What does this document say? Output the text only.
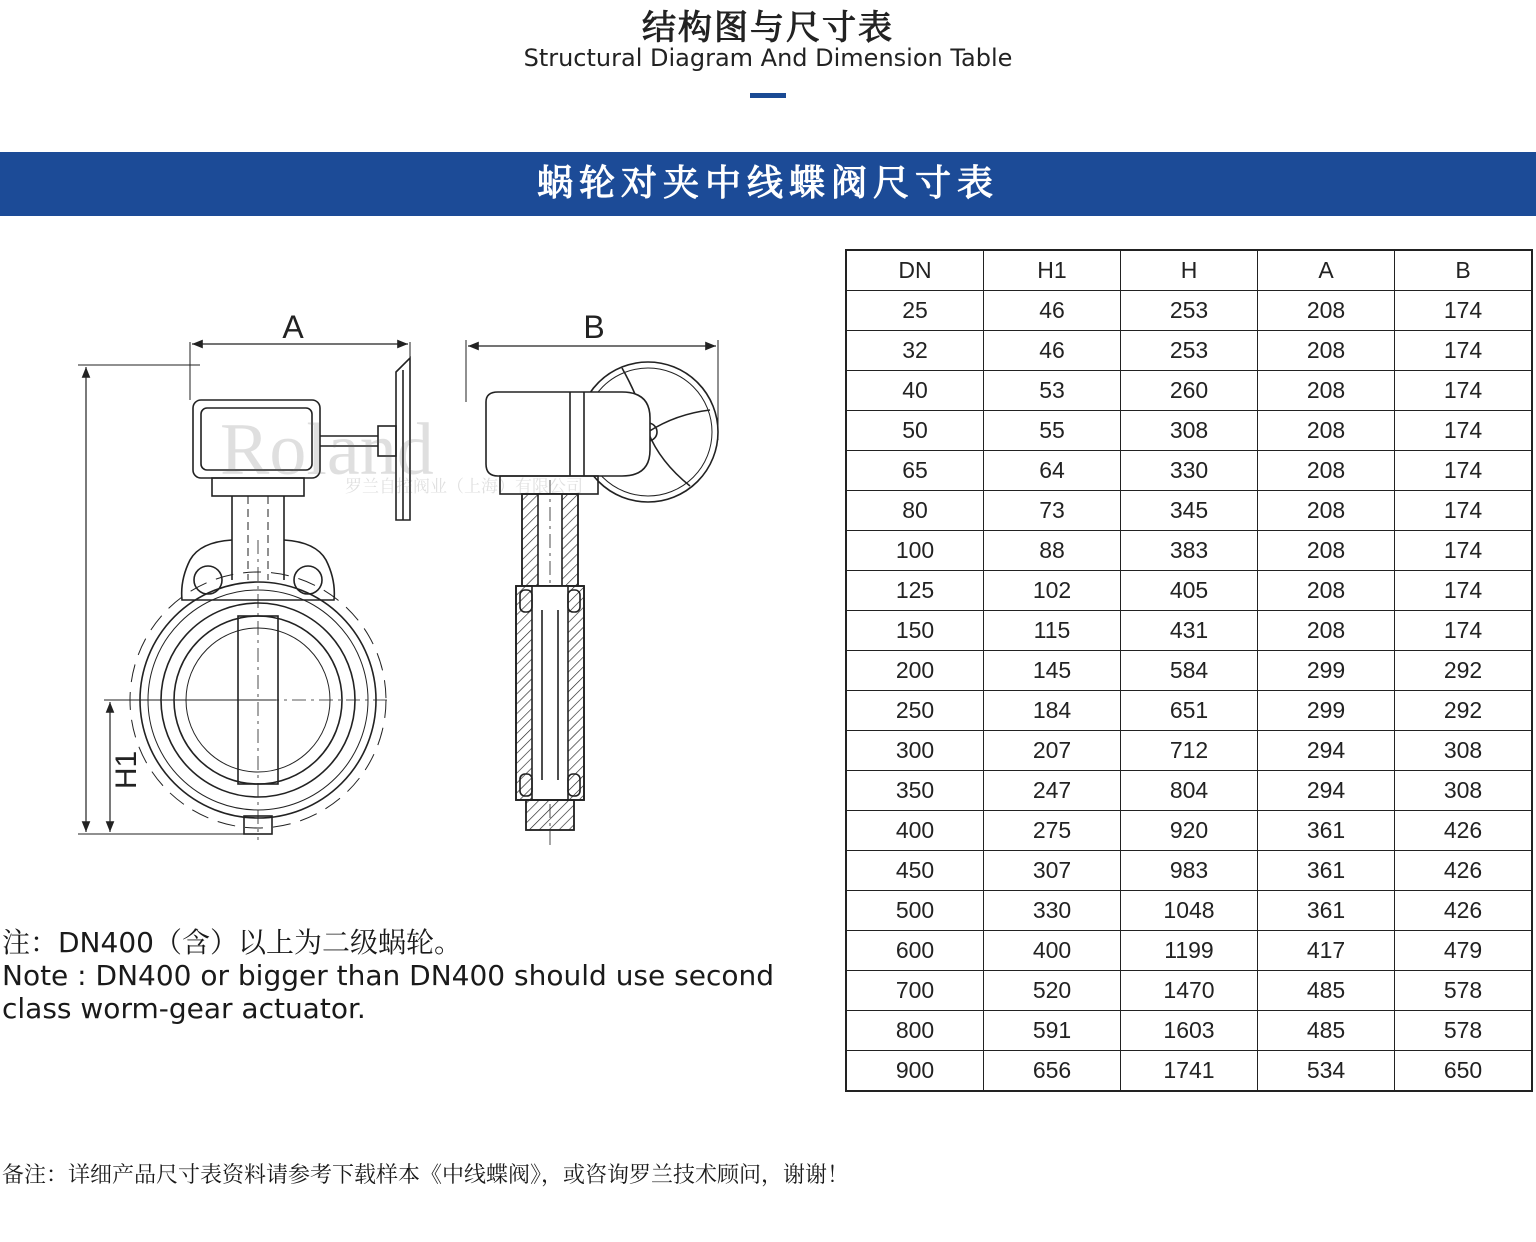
结构图与尺寸表
Structural Diagram And Dimension Table
蜗轮对夹中线蝶阀尺寸表
A
H1
B
Roland
罗兰自控阀业（上海）有限公司
注：DN400（含）以上为二级蜗轮。
Note : DN400 or bigger than DN400 should use second
class worm-gear actuator.
DN	H1	H	A	B
25	46	253	208	174
32	46	253	208	174
40	53	260	208	174
50	55	308	208	174
65	64	330	208	174
80	73	345	208	174
100	88	383	208	174
125	102	405	208	174
150	115	431	208	174
200	145	584	299	292
250	184	651	299	292
300	207	712	294	308
350	247	804	294	308
400	275	920	361	426
450	307	983	361	426
500	330	1048	361	426
600	400	1199	417	479
700	520	1470	485	578
800	591	1603	485	578
900	656	1741	534	650
备注：详细产品尺寸表资料请参考下载样本《中线蝶阀》，或咨询罗兰技术顾问，谢谢！
